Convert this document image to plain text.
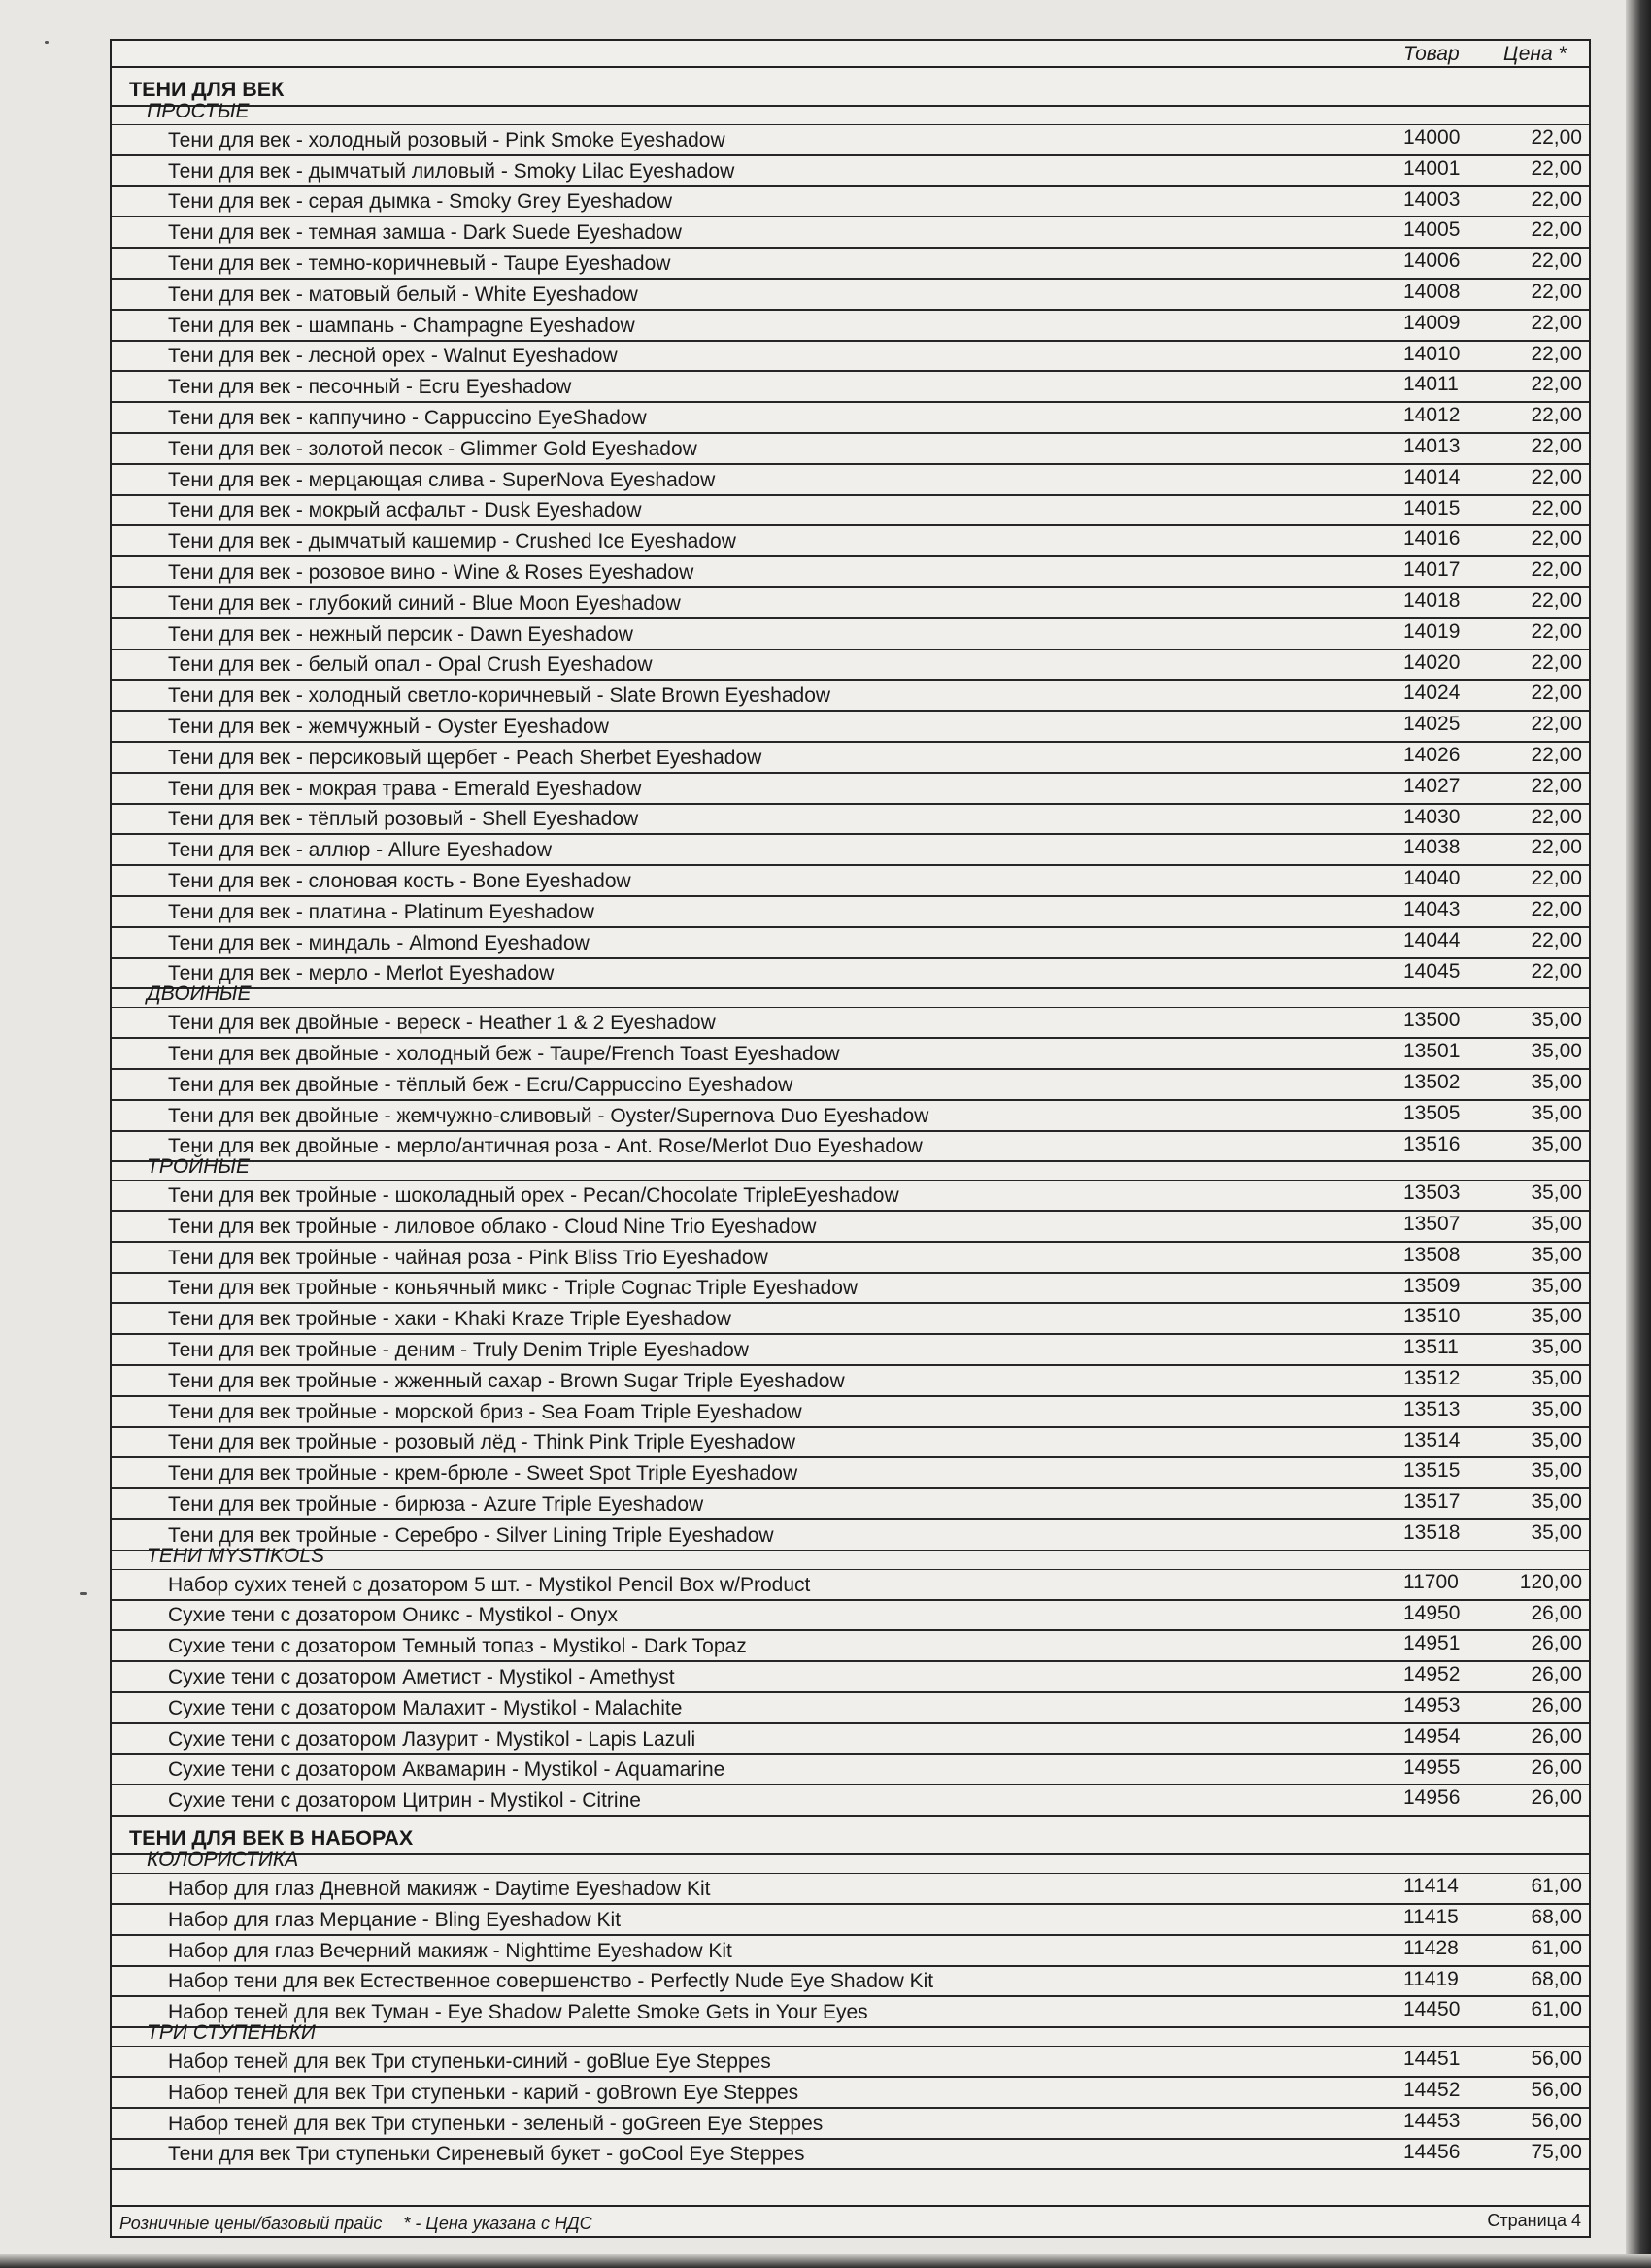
Товар Цена *
ТЕНИ ДЛЯ ВЕК
ПРОСТЫЕ
Тени для век - холодный розовый - Pink Smoke Eyeshadow	14000	22,00
Тени для век - дымчатый лиловый - Smoky Lilac Eyeshadow	14001	22,00
Тени для век - серая дымка - Smoky Grey Eyeshadow	14003	22,00
Тени для век - темная замша - Dark Suede Eyeshadow	14005	22,00
Тени для век - темно-коричневый - Taupe Eyeshadow	14006	22,00
Тени для век - матовый белый - White Eyeshadow	14008	22,00
Тени для век - шампань - Champagne Eyeshadow	14009	22,00
Тени для век - лесной орех - Walnut Eyeshadow	14010	22,00
Тени для век - песочный - Ecru Eyeshadow	14011	22,00
Тени для век - каппучино - Cappuccino EyeShadow	14012	22,00
Тени для век - золотой песок - Glimmer Gold Eyeshadow	14013	22,00
Тени для век - мерцающая слива - SuperNova Eyeshadow	14014	22,00
Тени для век - мокрый асфальт - Dusk Eyeshadow	14015	22,00
Тени для век - дымчатый кашемир - Crushed Ice Eyeshadow	14016	22,00
Тени для век - розовое вино - Wine & Roses Eyeshadow	14017	22,00
Тени для век - глубокий синий - Blue Moon Eyeshadow	14018	22,00
Тени для век - нежный персик - Dawn Eyeshadow	14019	22,00
Тени для век - белый опал - Opal Crush Eyeshadow	14020	22,00
Тени для век - холодный светло-коричневый - Slate Brown Eyeshadow	14024	22,00
Тени для век - жемчужный - Oyster Eyeshadow	14025	22,00
Тени для век - персиковый щербет - Peach Sherbet Eyeshadow	14026	22,00
Тени для век - мокрая трава - Emerald Eyeshadow	14027	22,00
Тени для век - тёплый розовый - Shell Eyeshadow	14030	22,00
Тени для век - аллюр - Allure Eyeshadow	14038	22,00
Тени для век - слоновая кость - Bone Eyeshadow	14040	22,00
Тени для век - платина - Platinum Eyeshadow	14043	22,00
Тени для век - миндаль - Almond Eyeshadow	14044	22,00
Тени для век - мерло - Merlot Eyeshadow	14045	22,00
ДВОИНЫЕ
Тени для век двойные - вереск - Heather 1 & 2 Eyeshadow	13500	35,00
Тени для век двойные - холодный беж - Taupe/French Toast Eyeshadow	13501	35,00
Тени для век двойные - тёплый беж - Ecru/Cappuccino Eyeshadow	13502	35,00
Тени для век двойные - жемчужно-сливовый - Oyster/Supernova Duo Eyeshadow	13505	35,00
Тени для век двойные - мерло/античная роза - Ant. Rose/Merlot Duo Eyeshadow	13516	35,00
ТРОЙНЫЕ
Тени для век тройные - шоколадный орех - Pecan/Chocolate TripleEyeshadow	13503	35,00
Тени для век тройные - лиловое облако - Cloud Nine Trio Eyeshadow	13507	35,00
Тени для век тройные - чайная роза - Pink Bliss Trio Eyeshadow	13508	35,00
Тени для век тройные - коньячный микс - Triple Cognac Triple Eyeshadow	13509	35,00
Тени для век тройные - хаки - Khaki Kraze Triple Eyeshadow	13510	35,00
Тени для век тройные - деним - Truly Denim Triple Eyeshadow	13511	35,00
Тени для век тройные - жженный сахар - Brown Sugar Triple Eyeshadow	13512	35,00
Тени для век тройные - морской бриз - Sea Foam Triple Eyeshadow	13513	35,00
Тени для век тройные - розовый лёд - Think Pink Triple Eyeshadow	13514	35,00
Тени для век тройные - крем-брюле - Sweet Spot Triple Eyeshadow	13515	35,00
Тени для век тройные - бирюза - Azure Triple Eyeshadow	13517	35,00
Тени для век тройные - Серебро - Silver Lining Triple Eyeshadow	13518	35,00
ТЕНИ MYSTIKOLS
Набор сухих теней с дозатором 5 шт. - Mystikol Pencil Box w/Product	11700	120,00
Сухие тени с дозатором Оникс - Mystikol - Onyx	14950	26,00
Сухие тени с дозатором Темный топаз - Mystikol - Dark Topaz	14951	26,00
Сухие тени с дозатором Аметист - Mystikol - Amethyst	14952	26,00
Сухие тени с дозатором Малахит - Mystikol - Malachite	14953	26,00
Сухие тени с дозатором Лазурит - Mystikol - Lapis Lazuli	14954	26,00
Сухие тени с дозатором Аквамарин - Mystikol - Aquamarine	14955	26,00
Сухие тени с дозатором Цитрин - Mystikol - Citrine	14956	26,00
ТЕНИ ДЛЯ ВЕК В НАБОРАХ
КОЛОРИСТИКА
Набор для глаз Дневной макияж - Daytime Eyeshadow Kit	11414	61,00
Набор для глаз Мерцание - Bling Eyeshadow Kit	11415	68,00
Набор для глаз Вечерний макияж - Nighttime Eyeshadow Kit	11428	61,00
Набор тени для век Естественное совершенство - Perfectly Nude Eye Shadow Kit	11419	68,00
Набор теней для век Туман - Eye Shadow Palette Smoke Gets in Your Eyes	14450	61,00
ТРИ СТУПЕНЬКИ
Набор теней для век Три ступеньки-синий - goBlue Eye Steppes	14451	56,00
Набор теней для век Три ступеньки - карий - goBrown Eye Steppes	14452	56,00
Набор теней для век Три ступеньки - зеленый - goGreen Eye Steppes	14453	56,00
Тени для век Три ступеньки Сиреневый букет - goCool Eye Steppes	14456	75,00
Розничные цены/базовый прайс * - Цена указана с НДС	Страница 4
